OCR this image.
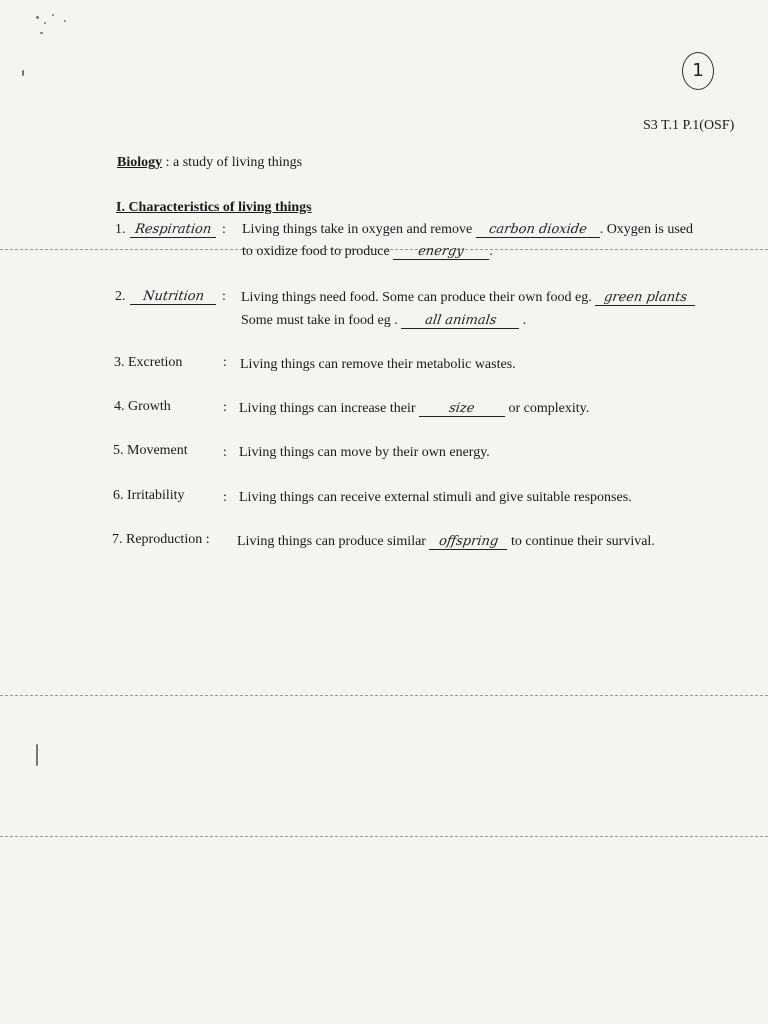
1
S3 T.1 P.1(OSF)
Biology : a study of living things
I. Characteristics of living things
1. Respiration : Living things take in oxygen and remove carbon dioxide . Oxygen is used
to oxidize food to produce energy .
2.	Nutrition	: Living things need food. Some can produce their own food eg. green plants
Some must take in food eg . all animals .
3. Excretion	: Living things can remove their metabolic wastes.
4. Growth	: Living things can increase their	size or complexity.
5. Movement	: Living things can move by their own energy.
6. Irritability	: Living things can receive external stimuli and give suitable responses.
7. Reproduction : Living things can produce similar offspring to continue their survival.
